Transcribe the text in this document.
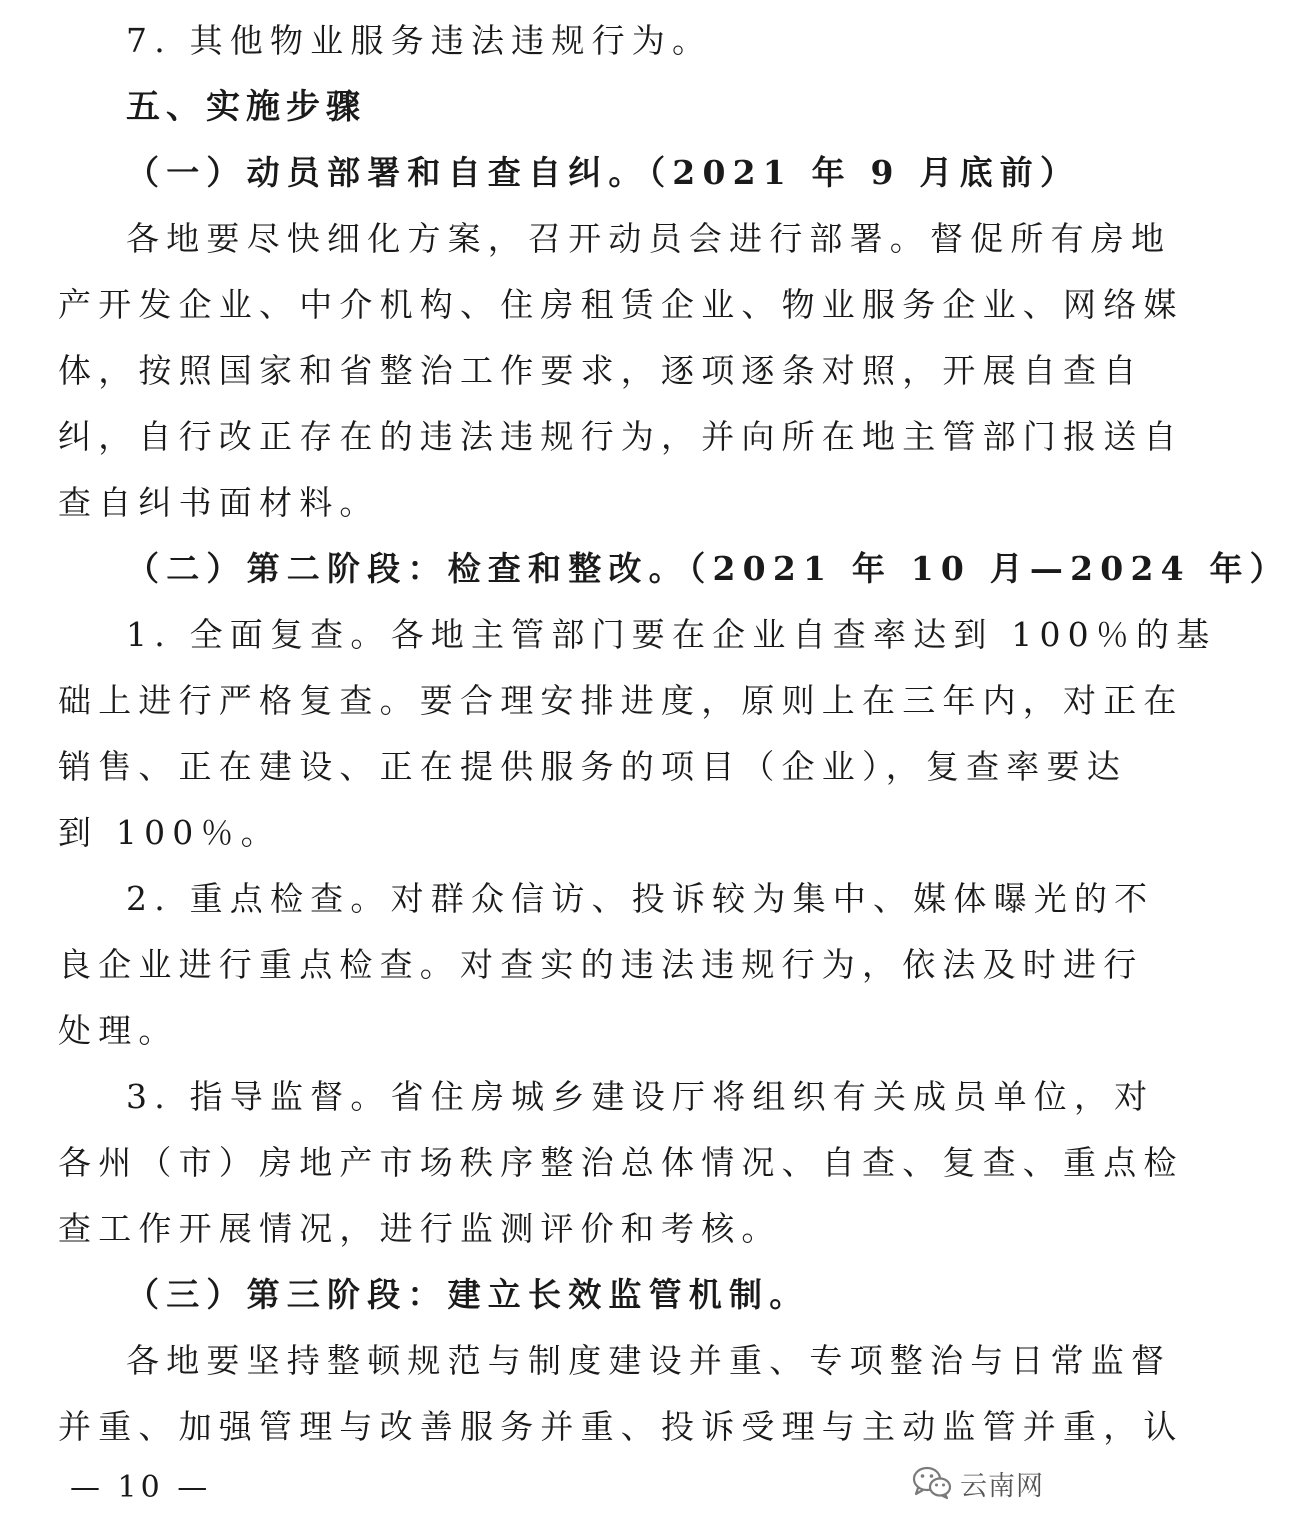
7. 其他物业服务违法违规行为。
五、实施步骤
（一）动员部署和自查自纠。（2021 年 9 月底前）
各地要尽快细化方案，召开动员会进行部署。督促所有房地
产开发企业、中介机构、住房租赁企业、物业服务企业、网络媒
体，按照国家和省整治工作要求，逐项逐条对照，开展自查自
纠，自行改正存在的违法违规行为，并向所在地主管部门报送自
查自纠书面材料。
（二）第二阶段：检查和整改。（2021 年 10 月—2024 年）
1. 全面复查。各地主管部门要在企业自查率达到 100％的基
础上进行严格复查。要合理安排进度，原则上在三年内，对正在
销售、正在建设、正在提供服务的项目（企业），复查率要达
到 100％。
2. 重点检查。对群众信访、投诉较为集中、媒体曝光的不
良企业进行重点检查。对查实的违法违规行为，依法及时进行
处理。
3. 指导监督。省住房城乡建设厅将组织有关成员单位，对
各州（市）房地产市场秩序整治总体情况、自查、复查、重点检
查工作开展情况，进行监测评价和考核。
（三）第三阶段：建立长效监管机制。
各地要坚持整顿规范与制度建设并重、专项整治与日常监督
并重、加强管理与改善服务并重、投诉受理与主动监管并重，认
— 10 —	云南网
